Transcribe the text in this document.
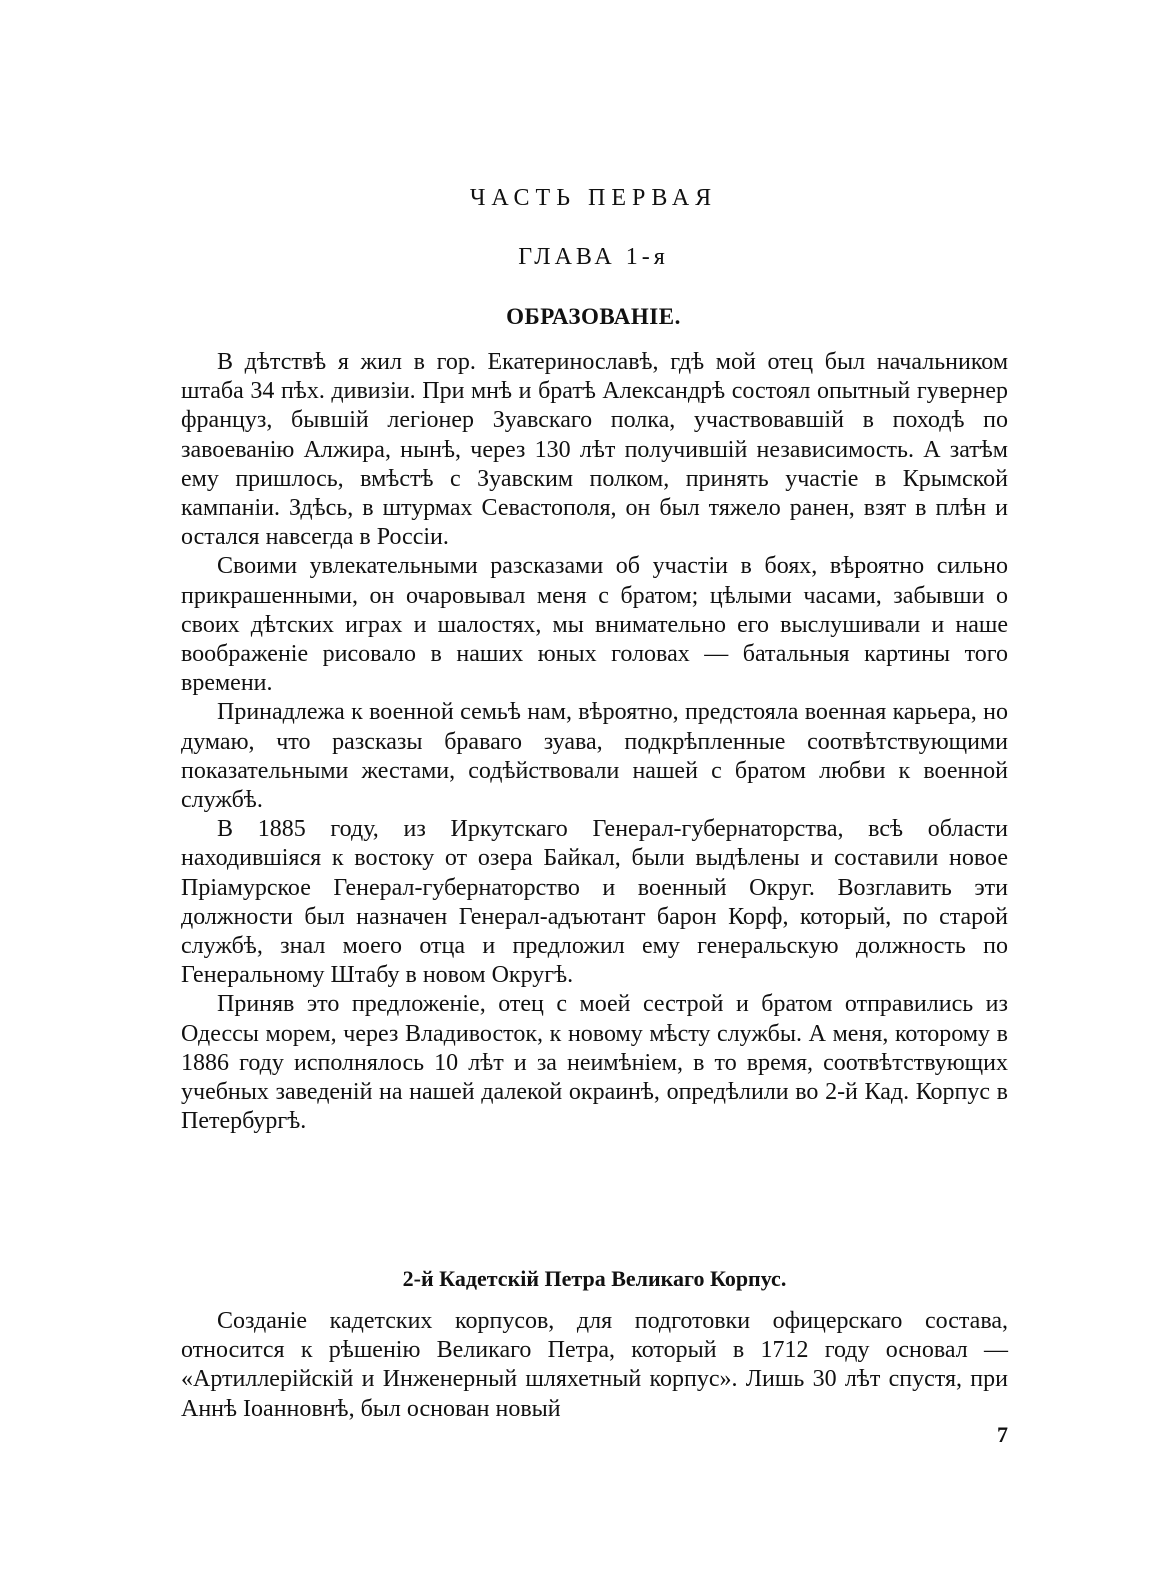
ЧАСТЬ ПЕРВАЯ
ГЛАВА 1-я
ОБРАЗОВАНІЕ.

В дѣтствѣ я жил в гор. Екатеринославѣ, гдѣ мой отец был начальником штаба 34 пѣх. дивизіи. При мнѣ и братѣ Александрѣ состоял опытный гувернер француз, бывшій легіонер Зуавскаго полка, участвовавшій в походѣ по завоеванію Алжира, нынѣ, через 130 лѣт получившій независимость. А затѣм ему пришлось, вмѣстѣ с Зуавским полком, принять участіе в Крымской кампаніи. Здѣсь, в штурмах Севастополя, он был тяжело ранен, взят в плѣн и остался навсегда в Россіи.

Своими увлекательными разсказами об участіи в боях, вѣроятно сильно прикрашенными, он очаровывал меня с братом; цѣлыми часами, забывши о своих дѣтских играх и шалостях, мы внимательно его выслушивали и наше воображеніе рисовало в наших юных головах — батальныя картины того времени.

Принадлежа к военной семьѣ нам, вѣроятно, предстояла военная карьера, но думаю, что разсказы браваго зуава, подкрѣпленные соотвѣтствующими показательными жестами, содѣйствовали нашей с братом любви к военной службѣ.

В 1885 году, из Иркутскаго Генерал-губернаторства, всѣ области находившіяся к востоку от озера Байкал, были выдѣлены и составили новое Пріамурское Генерал-губернаторство и военный Округ. Возглавить эти должности был назначен Генерал-адъютант барон Корф, который, по старой службѣ, знал моего отца и предложил ему генеральскую должность по Генеральному Штабу в новом Округѣ.

Приняв это предложеніе, отец с моей сестрой и братом отправились из Одессы морем, через Владивосток, к новому мѣсту службы. А меня, которому в 1886 году исполнялось 10 лѣт и за неимѣніем, в то время, соотвѣтствующих учебных заведеній на нашей далекой окраинѣ, опредѣлили во 2-й Кад. Корпус в Петербургѣ.

2-й Кадетскій Петра Великаго Корпус.

Созданіе кадетских корпусов, для подготовки офицерскаго состава, относится к рѣшенію Великаго Петра, который в 1712 году основал — «Артиллерійскій и Инженерный шляхетный корпус». Лишь 30 лѣт спустя, при Аннѣ Іоанновнѣ, был основан новый

7
